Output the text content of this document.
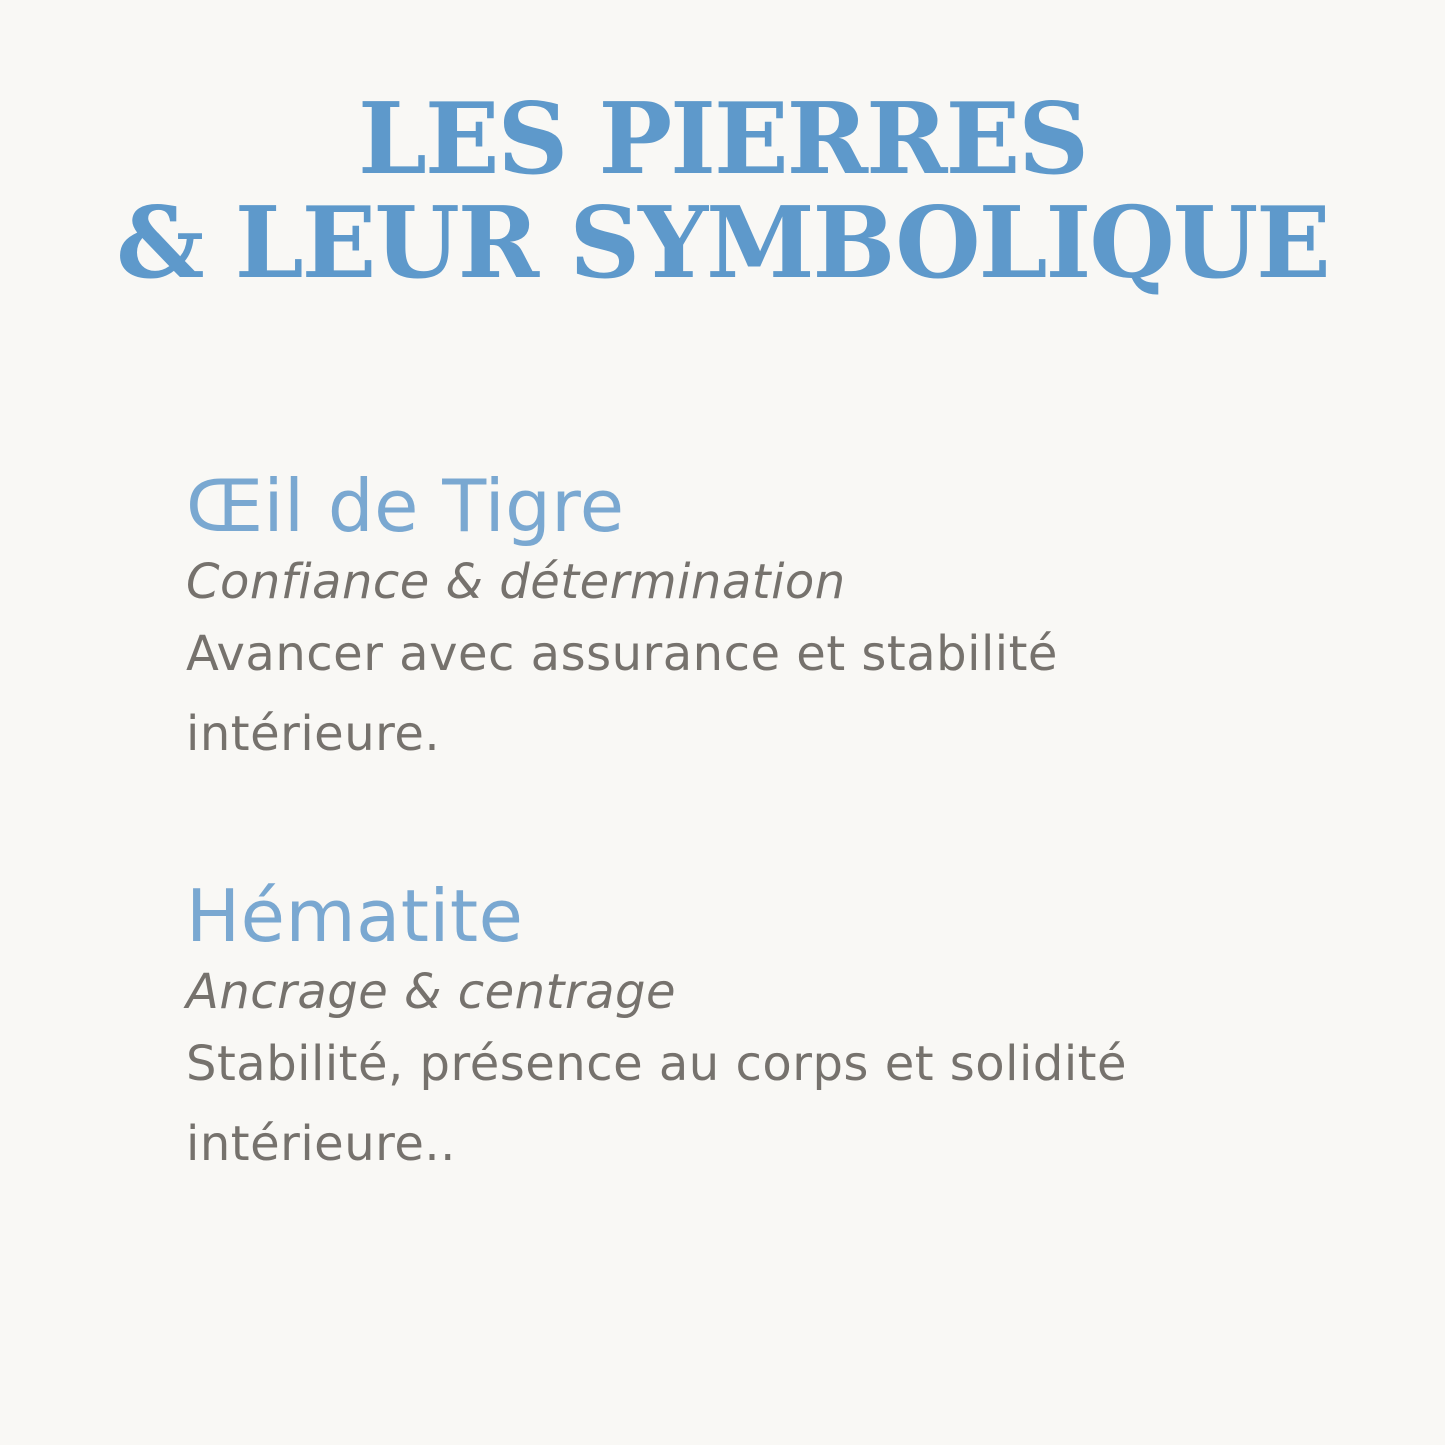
LES PIERRES
& LEUR SYMBOLIQUE
Œil de Tigre

Confiance & détermination

Avancer avec assurance et stabilité
intérieure.

Hématite

Ancrage & centrage

Stabilité, présence au corps et solidité
intérieure..
